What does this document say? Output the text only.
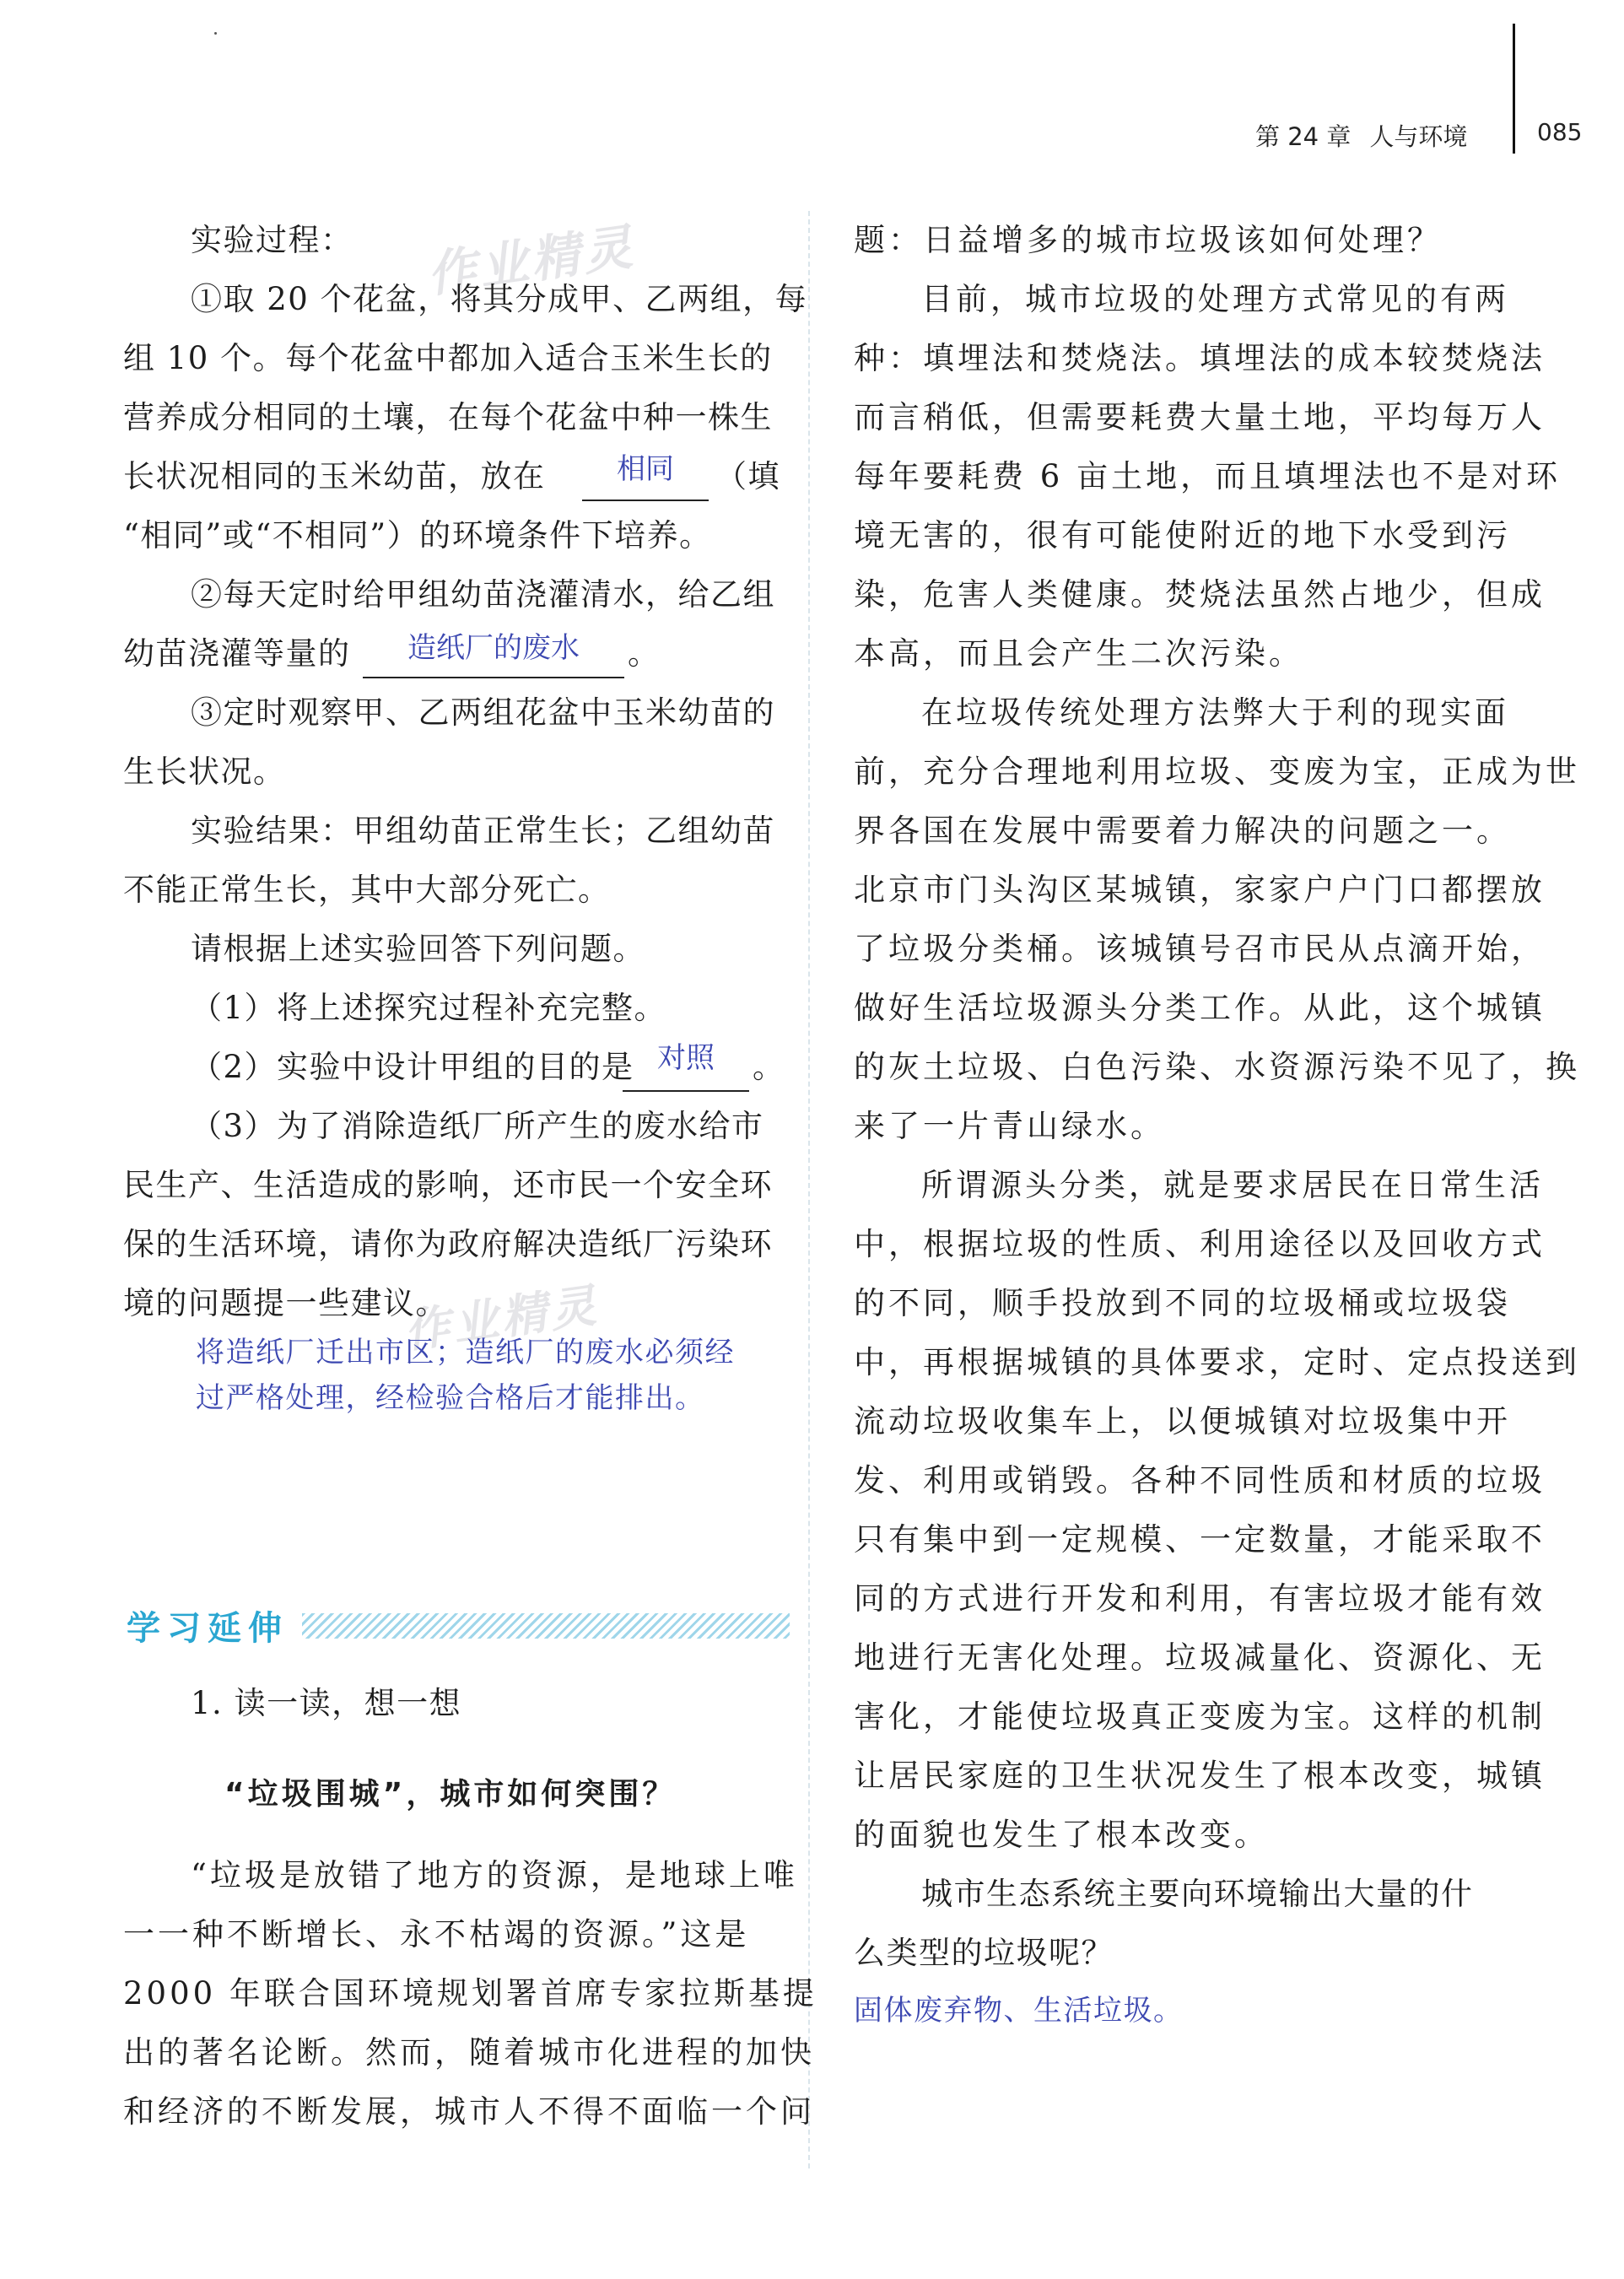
第 24 章 人与环境	085
作业精灵
作业精灵
实验过程：
①取 20 个花盆，将其分成甲、乙两组，每
组 10 个。每个花盆中都加入适合玉米生长的
营养成分相同的土壤，在每个花盆中种一株生
长状况相同的玉米幼苗，放在	相同	（填
“相同”或“不相同”）的环境条件下培养。
②每天定时给甲组幼苗浇灌清水，给乙组
幼苗浇灌等量的	造纸厂的废水	。
③定时观察甲、乙两组花盆中玉米幼苗的
生长状况。
实验结果：甲组幼苗正常生长；乙组幼苗
不能正常生长，其中大部分死亡。
请根据上述实验回答下列问题。
（1）将上述探究过程补充完整。
（2）实验中设计甲组的目的是 对照	。
（3）为了消除造纸厂所产生的废水给市
民生产、生活造成的影响，还市民一个安全环
保的生活环境，请你为政府解决造纸厂污染环
境的问题提一些建议。
将造纸厂迁出市区；造纸厂的废水必须经
过严格处理，经检验合格后才能排出。
学习延伸
1. 读一读，想一想
“垃圾围城”，城市如何突围？
“垃圾是放错了地方的资源，是地球上唯
一一种不断增长、永不枯竭的资源。”这是
2000 年联合国环境规划署首席专家拉斯基提
出的著名论断。然而，随着城市化进程的加快
和经济的不断发展，城市人不得不面临一个问
题：日益增多的城市垃圾该如何处理？
目前，城市垃圾的处理方式常见的有两
种：填埋法和焚烧法。填埋法的成本较焚烧法
而言稍低，但需要耗费大量土地，平均每万人
每年要耗费 6 亩土地，而且填埋法也不是对环
境无害的，很有可能使附近的地下水受到污
染，危害人类健康。焚烧法虽然占地少，但成
本高，而且会产生二次污染。
在垃圾传统处理方法弊大于利的现实面
前，充分合理地利用垃圾、变废为宝，正成为世
界各国在发展中需要着力解决的问题之一。
北京市门头沟区某城镇，家家户户门口都摆放
了垃圾分类桶。该城镇号召市民从点滴开始，
做好生活垃圾源头分类工作。从此，这个城镇
的灰土垃圾、白色污染、水资源污染不见了，换
来了一片青山绿水。
所谓源头分类，就是要求居民在日常生活
中，根据垃圾的性质、利用途径以及回收方式
的不同，顺手投放到不同的垃圾桶或垃圾袋
中，再根据城镇的具体要求，定时、定点投送到
流动垃圾收集车上，以便城镇对垃圾集中开
发、利用或销毁。各种不同性质和材质的垃圾
只有集中到一定规模、一定数量，才能采取不
同的方式进行开发和利用，有害垃圾才能有效
地进行无害化处理。垃圾减量化、资源化、无
害化，才能使垃圾真正变废为宝。这样的机制
让居民家庭的卫生状况发生了根本改变，城镇
的面貌也发生了根本改变。
城市生态系统主要向环境输出大量的什
么类型的垃圾呢？
固体废弃物、生活垃圾。
